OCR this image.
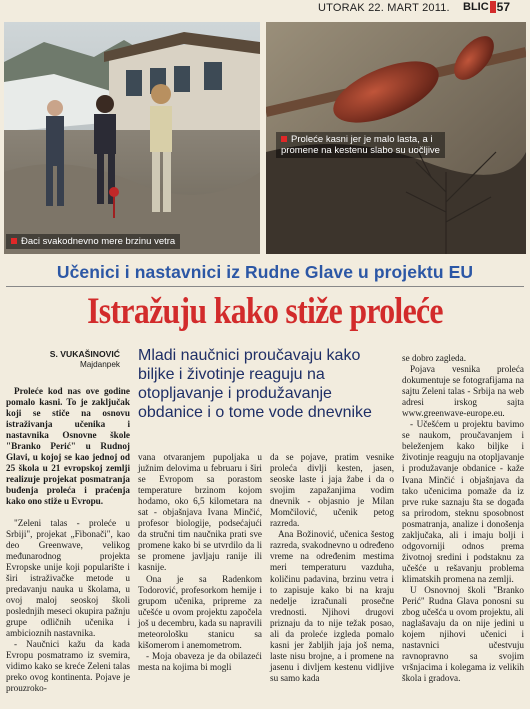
UTORAK 22. MART 2011. BLIC 57
Đaci svakodnevno mere brzinu vetra
Proleće kasni jer je malo lasta, a i
promene na kestenu slabo su uočljive
Učenici i nastavnici iz Rudne Glave u projektu EU
Istražuju kako stiže proleće
S. VUKAŠINOVIĆ
Majdanpek
Mladi naučnici proučavaju kako biljke i životinje reaguju na otopljavanje i produžavanje obdanice i o tome vode dnevnike

Proleće kod nas ove godine pomalo kasni. To je zaključak koji se stiče na osnovu istraživanja učenika i nastavnika Osnovne škole "Branko Perić" u Rudnoj Glavi, u kojoj se kao jednoj od 25 škola u 21 evropskoj zemlji realizuje projekat posmatranja buđenja proleća i praćenja kako ono stiže u Evropu.

"Zeleni talas - proleće u Srbiji", projekat „Fibonači", kao deo Greenwave, velikog međunarodnog projekta Evropske unije koji popularište i širi istraživačke metode u predavanju nauka u školama, u ovoj maloj seoskoj školi poslednjih meseci okupira pažnju grupe odličnih učenika i ambicioznih nastavnika.

- Naučnici kažu da kada Evropu posmatramo iz svemira, vidimo kako se kreće Zeleni talas preko ovog kontinenta. Pojave je prouzroko-

vana otvaranjem pupoljaka u južnim delovima u februaru i širi se Evropom sa porastom temperature brzinom kojom hodamo, oko 6,5 kilometara na sat - objašnjava Ivana Minčić, profesor biologije, podsećajući da stručni tim naučnika prati sve promene kako bi se utvrdilo da li se promene javljaju ranije ili kasnije.

Ona je sa Radenkom Todorović, profesorkom hemije i grupom učenika, pripreme za učešće u ovom projektu započela još u decembru, kada su napravili meteorološku stanicu sa kišomerom i anemometrom.

- Moja obaveza je da obilazeći mesta na kojima bi mogli

da se pojave, pratim vesnike proleća divlji kesten, jasen, seoske laste i jaja žabe i da o svojim zapažanjima vodim dnevnik - objasnio je Milan Momčilović, učenik petog razreda.

Ana Božinović, učenica šestog razreda, svakodnevno u određeno vreme na određenim mestima meri temperaturu vazduha, količinu padavina, brzinu vetra i to zapisuje kako bi na kraju nedelje izračunali prosečne vrednosti. Njihovi drugovi priznaju da to nije težak posao, ali da proleće izgleda pomalo kasni jer žabljih jaja još nema, laste nisu brojne, a i promene na jasenu i divljem kestenu vidljive su samo kada

se dobro zagleda.

Pojava vesnika proleća dokumentuje se fotografijama na sajtu Zeleni talas - Srbija na web adresi irskog sajta www.greenwave-europe.eu.

- Učešćem u projektu bavimo se naukom, proučavanjem i beleženjem kako biljke i životinje reaguju na otopljavanje i produžavanje obdanice - kaže Ivana Minčić i objašnjava da tako učenicima pomaže da iz prve ruke saznaju šta se događa sa prirodom, steknu sposobnost posmatranja, analize i donošenja zaključaka, ali i imaju bolji i odgovorniji odnos prema životnoj sredini i podstaknu za učešće u rešavanju problema klimatskih promena na zemlji.

U Osnovnoj školi "Branko Perić" Rudna Glava ponosni su zbog učešća u ovom projektu, ali naglašavaju da on nije jedini u kojem njihovi učenici i nastavnici učestvuju ravnopravno sa svojim vršnjacima i kolegama iz velikih škola i gradova.
